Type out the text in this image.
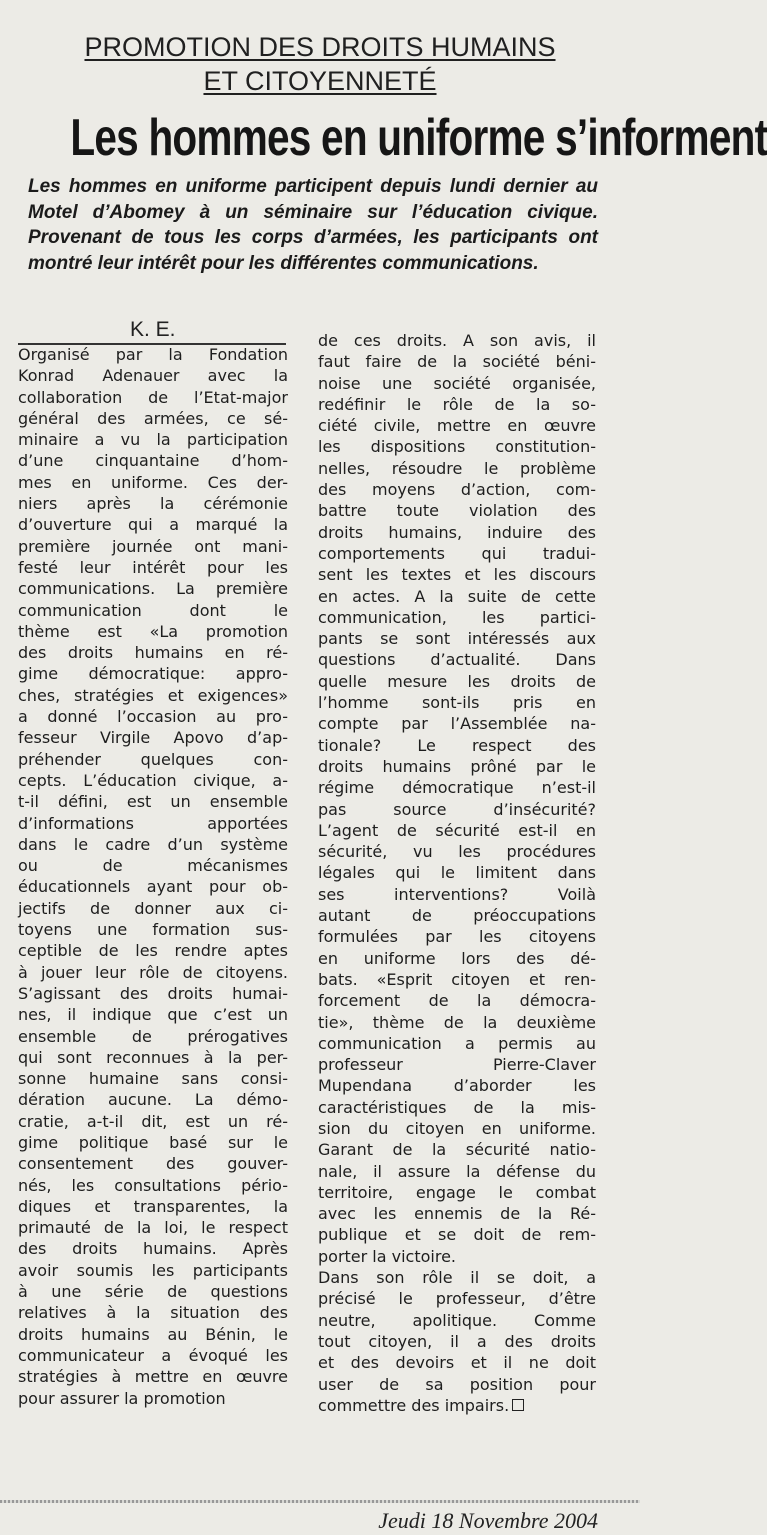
PROMOTION DES DROITS HUMAINS
ET CITOYENNETÉ
Les hommes en uniforme s’informent
Les hommes en uniforme participent depuis lundi dernier au Motel d’Abomey à un séminaire sur l’éducation civique. Provenant de tous les corps d’armées, les participants ont montré leur intérêt pour les différentes communications.
K. E.
Organisé par la Fondation
Konrad Adenauer avec la
collaboration de l’Etat-major
général des armées, ce sé-
minaire a vu la participation
d’une cinquantaine d’hom-
mes en uniforme. Ces der-
niers après la cérémonie
d’ouverture qui a marqué la
première journée ont mani-
festé leur intérêt pour les
communications. La première
communication dont le
thème est «La promotion
des droits humains en ré-
gime démocratique: appro-
ches, stratégies et exigences»
a donné l’occasion au pro-
fesseur Virgile Apovo d’ap-
préhender quelques con-
cepts. L’éducation civique, a-
t-il défini, est un ensemble
d’informations apportées
dans le cadre d’un système
ou de mécanismes
éducationnels ayant pour ob-
jectifs de donner aux ci-
toyens une formation sus-
ceptible de les rendre aptes
à jouer leur rôle de citoyens.
S’agissant des droits humai-
nes, il indique que c’est un
ensemble de prérogatives
qui sont reconnues à la per-
sonne humaine sans consi-
dération aucune. La démo-
cratie, a-t-il dit, est un ré-
gime politique basé sur le
consentement des gouver-
nés, les consultations pério-
diques et transparentes, la
primauté de la loi, le respect
des droits humains. Après
avoir soumis les participants
à une série de questions
relatives à la situation des
droits humains au Bénin, le
communicateur a évoqué les
stratégies à mettre en œuvre
pour assurer la promotion
de ces droits. A son avis, il
faut faire de la société béni-
noise une société organisée,
redéfinir le rôle de la so-
ciété civile, mettre en œuvre
les dispositions constitution-
nelles, résoudre le problème
des moyens d’action, com-
battre toute violation des
droits humains, induire des
comportements qui tradui-
sent les textes et les discours
en actes. A la suite de cette
communication, les partici-
pants se sont intéressés aux
questions d’actualité. Dans
quelle mesure les droits de
l’homme sont-ils pris en
compte par l’Assemblée na-
tionale? Le respect des
droits humains prôné par le
régime démocratique n’est-il
pas source d’insécurité?
L’agent de sécurité est-il en
sécurité, vu les procédures
légales qui le limitent dans
ses interventions? Voilà
autant de préoccupations
formulées par les citoyens
en uniforme lors des dé-
bats. «Esprit citoyen et ren-
forcement de la démocra-
tie», thème de la deuxième
communication a permis au
professeur Pierre-Claver
Mupendana d’aborder les
caractéristiques de la mis-
sion du citoyen en uniforme.
Garant de la sécurité natio-
nale, il assure la défense du
territoire, engage le combat
avec les ennemis de la Ré-
publique et se doit de rem-
porter la victoire.
Dans son rôle il se doit, a
précisé le professeur, d’être
neutre, apolitique. Comme
tout citoyen, il a des droits
et des devoirs et il ne doit
user de sa position pour
commettre des impairs.
Jeudi 18 Novembre 2004
